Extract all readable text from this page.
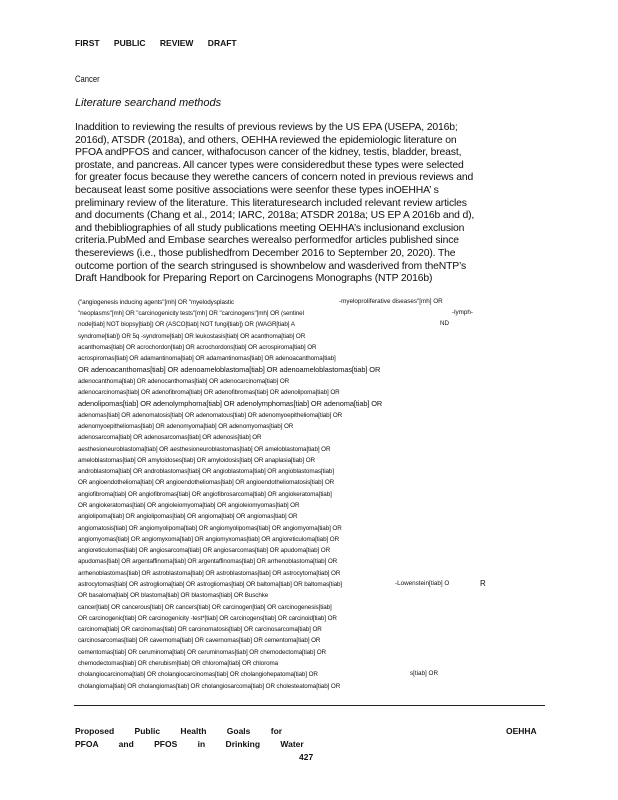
FIRST PUBLIC REVIEW DRAFT
Cancer
Literature searchand methods
Inaddition to reviewing the results of previous reviews by the US EPA (USEPA, 2016b;
2016d), ATSDR (2018a), and others, OEHHA reviewed the epidemiologic literature on
PFOA andPFOS and cancer, withafocuson cancer of the kidney, testis, bladder, breast,
prostate, and pancreas. All cancer types were consideredbut these types were selected
for greater focus because they werethe cancers of concern noted in previous reviews and
becauseat least some positive associations were seenfor these types inOEHHA’ s
preliminary review of the literature. This literaturesearch included relevant review articles
and documents (Chang et al., 2014; IARC, 2018a; ATSDR 2018a; US EP A 2016b and d),
and thebibliographies of all study publications meeting OEHHA’s inclusionand exclusion
criteria.PubMed and Embase searches werealso performedfor articles published since
thesereviews (i.e., those publishedfrom December 2016 to September 20, 2020). The
outcome portion of the search stringused is shownbelow and wasderived from theNTP’s
Draft Handbook for Preparing Report on Carcinogens Monographs (NTP 2016b)
("angiogenesis inducing agents"[mh] OR "myelodysplastic
"neoplasms"[mh] OR "carcinogenicity tests"[mh] OR "carcinogens"[mh] OR (sentinel
node[tiab] NOT biopsy[tiab]) OR (ASCO[tiab] NOT fungi[tiab]) OR (WAGR[tiab] A
syndrome[tiab]) OR 5q -syndrome[tiab] OR leukostasis[tiab] OR acanthoma[tiab] OR
acanthomas[tiab] OR acrochordon[tiab] OR acrochordons[tiab] OR acrospiroma[tiab] OR
acrospiromas[tiab] OR adamantinoma[tiab] OR adamantinomas[tiab] OR adenoacanthoma[tiab]
OR adenoacanthomas[tiab] OR adenoameloblastoma[tiab] OR adenoameloblastomas[tiab] OR
adenocanthoma[tiab] OR adenocanthomas[tiab] OR adenocarcinoma[tiab] OR
adenocarcinomas[tiab] OR adenofibroma[tiab] OR adenofibromas[tiab] OR adenolipoma[tiab] OR
adenolipomas[tiab] OR adenolymphoma[tiab] OR adenolymphomas[tiab] OR adenoma[tiab] OR
adenomas[tiab] OR adenomatosis[tiab] OR adenomatous[tiab] OR adenomyoepithelioma[tiab] OR
adenomyoepitheliomas[tiab] OR adenomyoma[tiab] OR adenomyomas[tiab] OR
adenosarcoma[tiab] OR adenosarcomas[tiab] OR adenosis[tiab] OR
aesthesioneuroblastoma[tiab] OR aesthesioneuroblastomas[tiab] OR ameloblastoma[tiab] OR
ameloblastomas[tiab] OR amyloidoses[tiab] OR amyloidosis[tiab] OR anaplasia[tiab] OR
androblastoma[tiab] OR androblastomas[tiab] OR angioblastoma[tiab] OR angioblastomas[tiab]
OR angioendothelioma[tiab] OR angioendotheliomas[tiab] OR angioendotheliomatosis[tiab] OR
angiofibroma[tiab] OR angiofibromas[tiab] OR angiofibrosarcoma[tiab] OR angiokeratoma[tiab]
OR angiokeratomas[tiab] OR angioleiomyoma[tiab] OR angioleiomyomas[tiab] OR
angiolipoma[tiab] OR angiolipomas[tiab] OR angioma[tiab] OR angiomas[tiab] OR
angiomatosis[tiab] OR angiomyolipoma[tiab] OR angiomyolipomas[tiab] OR angiomyoma[tiab] OR
angiomyomas[tiab] OR angiomyxoma[tiab] OR angiomyxomas[tiab] OR angioreticuloma[tiab] OR
angioreticulomas[tiab] OR angiosarcoma[tiab] OR angiosarcomas[tiab] OR apudoma[tiab] OR
apudomas[tiab] OR argentaffinoma[tiab] OR argentaffinomas[tiab] OR arrhenoblastoma[tiab] OR
arrhenoblastomas[tiab] OR astroblastoma[tiab] OR astroblastomas[tiab] OR astrocytoma[tiab] OR
astrocytomas[tiab] OR astroglioma[tiab] OR astrogliomas[tiab] OR baltoma[tiab] OR baltomas[tiab]
OR basaloma[tiab] OR blastoma[tiab] OR blastomas[tiab] OR Buschke
cancer[tiab] OR cancerous[tiab] OR cancers[tiab] OR carcinogen[tiab] OR carcinogenesis[tiab]
OR carcinogenic[tiab] OR carcinogenicity -test*[tiab] OR carcinogens[tiab] OR carcinoid[tiab] OR
carcinoma[tiab] OR carcinomas[tiab] OR carcinomatosis[tiab] OR carcinosarcoma[tiab] OR
carcinosarcomas[tiab] OR cavernoma[tiab] OR cavernomas[tiab] OR cementoma[tiab] OR
cementomas[tiab] OR ceruminoma[tiab] OR ceruminomas[tiab] OR chemodectoma[tiab] OR
chemodectomas[tiab] OR cherubism[tiab] OR chloroma[tiab] OR chloroma
cholangiocarcinoma[tiab] OR cholangiocarcinomas[tiab] OR cholangiohepatoma[tiab] OR
cholangioma[tiab] OR cholangiomas[tiab] OR cholangiosarcoma[tiab] OR cholesteatoma[tiab] OR
-myeloproliferative diseases"[mh] OR
-lymph-
ND
-Lowenstein[tiab] O	R
s[tiab] OR
Proposed Public Health Goals for
PFOA and PFOS in Drinking Water
OEHHA
427
